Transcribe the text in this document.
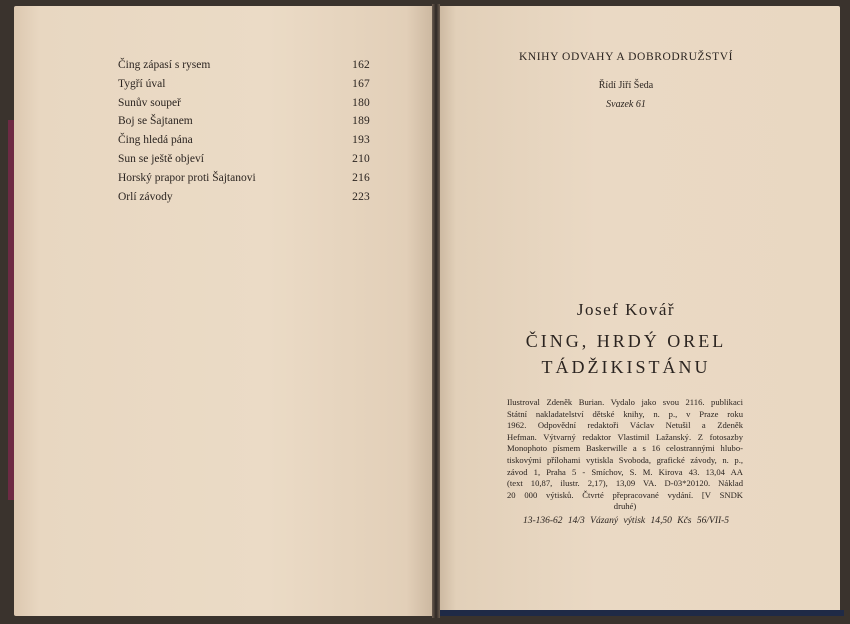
Čing zápasí s rysem	162
Tygří úval	167
Sunův soupeř	180
Boj se Šajtanem	189
Čing hledá pána	193
Sun se ještě objeví	210
Horský prapor proti Šajtanovi	216
Orlí závody	223
KNIHY ODVAHY A DOBRODRUŽSTVÍ
Řídí Jiří Šeda
Svazek 61
Josef Kovář
ČING, HRDÝ OREL
TÁDŽIKISTÁNU
Ilustroval Zdeněk Burian. Vydalo jako svou 2116. publikaci
Státní nakladatelství dětské knihy, n. p., v Praze roku
1962. Odpovědní redaktoři Václav Netušil a Zdeněk
Hefman. Výtvarný redaktor Vlastimil Lažanský. Z fotosazby
Monophoto písmem Baskerwille a s 16 celostrannými hlubo-
tiskovými přílohami vytiskla Svoboda, grafické závody, n. p.,
závod 1, Praha 5 - Smíchov, S. M. Kirova 43. 13,04 AA
(text 10,87, ilustr. 2,17), 13,09 VA. D-03*20120. Náklad
20 000 výtisků. Čtvrté přepracované vydání. [V SNDK
druhé)
13-136-62 14/3 Vázaný výtisk 14,50 Kčs 56/VII-5
